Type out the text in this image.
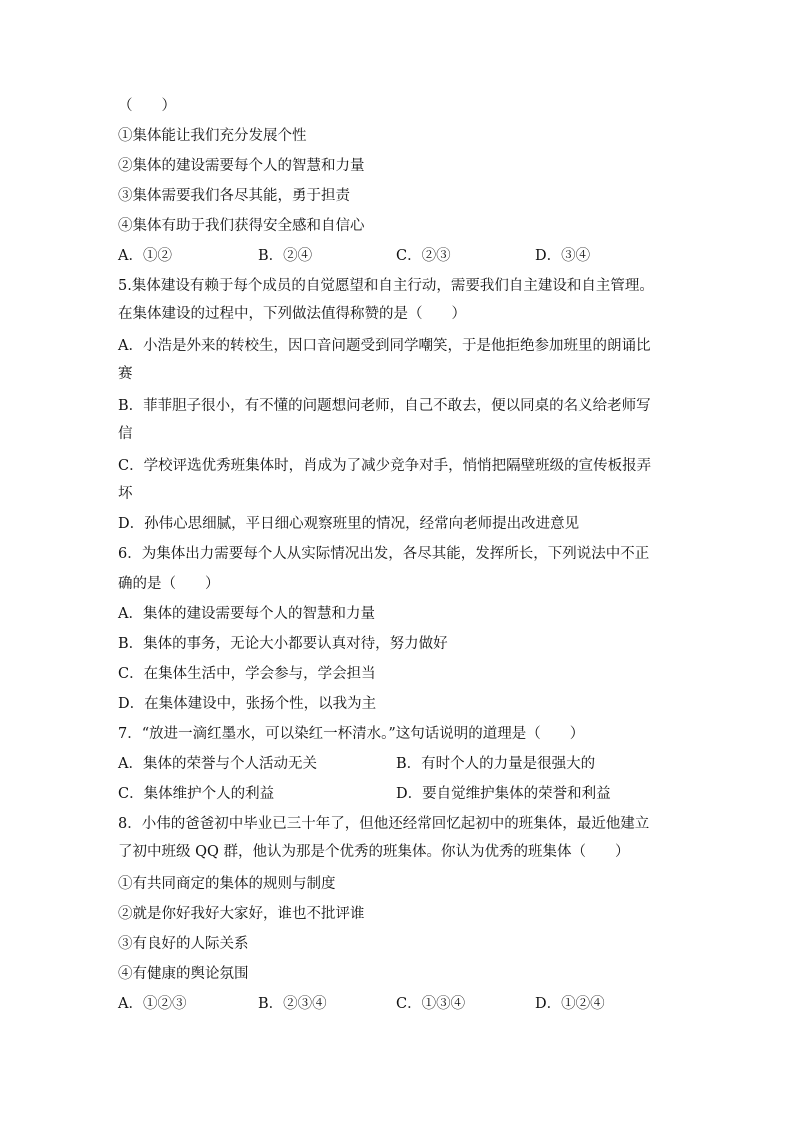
（　　）
①集体能让我们充分发展个性
②集体的建设需要每个人的智慧和力量
③集体需要我们各尽其能，勇于担责
④集体有助于我们获得安全感和自信心
A．①②	B．②④	C．②③	D．③④
5.集体建设有赖于每个成员的自觉愿望和自主行动，需要我们自主建设和自主管理。
在集体建设的过程中，下列做法值得称赞的是（　　）
A．小浩是外来的转校生，因口音问题受到同学嘲笑，于是他拒绝参加班里的朗诵比
赛
B．菲菲胆子很小，有不懂的问题想问老师，自己不敢去，便以同桌的名义给老师写
信
C．学校评选优秀班集体时，肖成为了减少竞争对手，悄悄把隔壁班级的宣传板报弄
坏
D．孙伟心思细腻，平日细心观察班里的情况，经常向老师提出改进意见
6．为集体出力需要每个人从实际情况出发，各尽其能，发挥所长，下列说法中不正
确的是（　　）
A．集体的建设需要每个人的智慧和力量
B．集体的事务，无论大小都要认真对待，努力做好
C．在集体生活中，学会参与，学会担当
D．在集体建设中，张扬个性，以我为主
7．“放进一滴红墨水，可以染红一杯清水。”这句话说明的道理是（　　）
A．集体的荣誉与个人活动无关	B．有时个人的力量是很强大的
C．集体维护个人的利益	D．要自觉维护集体的荣誉和利益
8．小伟的爸爸初中毕业已三十年了，但他还经常回忆起初中的班集体，最近他建立
了初中班级 QQ 群，他认为那是个优秀的班集体。你认为优秀的班集体（　　）
①有共同商定的集体的规则与制度
②就是你好我好大家好，谁也不批评谁
③有良好的人际关系
④有健康的舆论氛围
A．①②③	B．②③④	C．①③④	D．①②④
